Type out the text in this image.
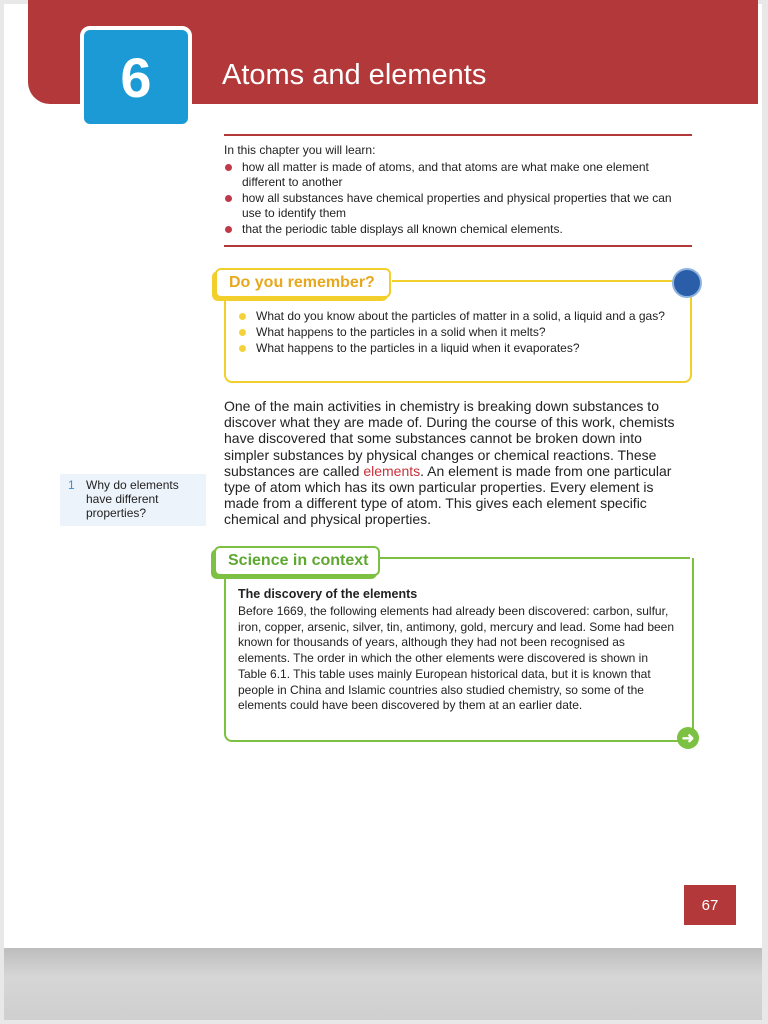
6 Atoms and elements

In this chapter you will learn:

how all matter is made of atoms, and that atoms are what make one element different to another
how all substances have chemical properties and physical properties that we can use to identify them
that the periodic table displays all known chemical elements.
Do you remember?
What do you know about the particles of matter in a solid, a liquid and a gas?
What happens to the particles in a solid when it melts?
What happens to the particles in a liquid when it evaporates?
One of the main activities in chemistry is breaking down substances to discover what they are made of. During the course of this work, chemists have discovered that some substances cannot be broken down into simpler substances by physical changes or chemical reactions. These substances are called elements. An element is made from one particular type of atom which has its own particular properties. Every element is made from a different type of atom. This gives each element specific chemical and physical properties.
1 Why do elements have different properties?
Science in context
The discovery of the elements
Before 1669, the following elements had already been discovered: carbon, sulfur, iron, copper, arsenic, silver, tin, antimony, gold, mercury and lead. Some had been known for thousands of years, although they had not been recognised as elements. The order in which the other elements were discovered is shown in Table 6.1. This table uses mainly European historical data, but it is known that people in China and Islamic countries also studied chemistry, so some of the elements could have been discovered by them at an earlier date.
➜
67
